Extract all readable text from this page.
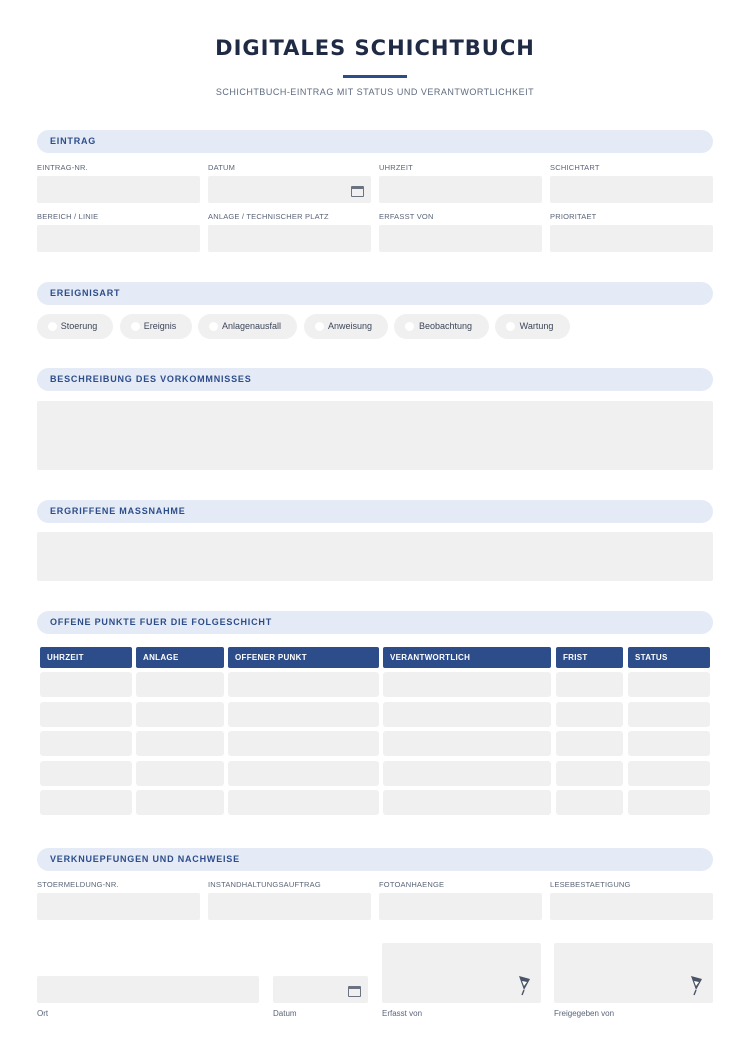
DIGITALES SCHICHTBUCH
SCHICHTBUCH-EINTRAG MIT STATUS UND VERANTWORTLICHKEIT
EINTRAG
EINTRAG-NR.	DATUM	UHRZEIT	SCHICHTART
BEREICH / LINIE	ANLAGE / TECHNISCHER PLATZ	ERFASST VON	PRIORITAET
EREIGNISART
Stoerung	Ereignis	Anlagenausfall	Anweisung	Beobachtung	Wartung
BESCHREIBUNG DES VORKOMMNISSES
ERGRIFFENE MASSNAHME
OFFENE PUNKTE FUER DIE FOLGESCHICHT
UHRZEIT	ANLAGE	OFFENER PUNKT	VERANTWORTLICH	FRIST	STATUS
VERKNUEPFUNGEN UND NACHWEISE
STOERMELDUNG-NR.	INSTANDHALTUNGSAUFTRAG	FOTOANHAENGE	LESEBESTAETIGUNG
Ort	Datum	Erfasst von	Freigegeben von
